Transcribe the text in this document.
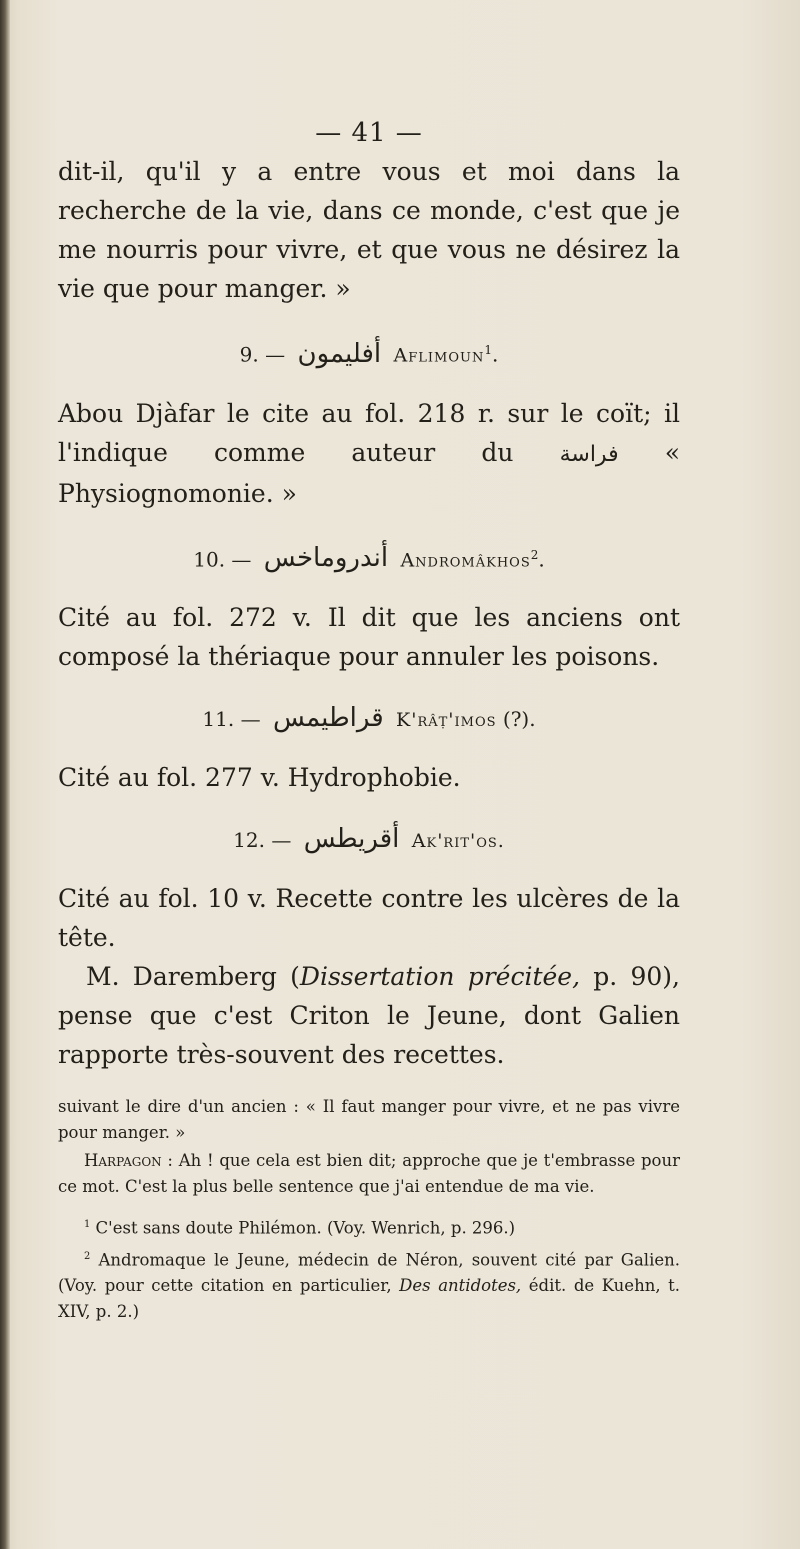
— 41 —

dit-il, qu'il y a entre vous et moi dans la recherche de la vie, dans ce monde, c'est que je me nourris pour vivre, et que vous ne désirez la vie que pour manger. »

9. — أفليمون Aflimoun$^1$.

Abou Djàfar le cite au fol. 218 r. sur le coït; il l'indique comme auteur du فراسة « Physiognomonie. »

10. — أندروماخس Andromâkhos$^2$.

Cité au fol. 272 v. Il dit que les anciens ont composé la thériaque pour annuler les poisons.

11. — قراطيمس K'râṭ'imos (?).

Cité au fol. 277 v. Hydrophobie.

12. — أقريطس Ak'rit'os.

Cité au fol. 10 v. Recette contre les ulcères de la tête.

M. Daremberg (Dissertation précitée, p. 90), pense que c'est Criton le Jeune, dont Galien rapporte très-souvent des recettes.

suivant le dire d'un ancien : « Il faut manger pour vivre, et ne pas vivre pour manger. »

Harpagon : Ah ! que cela est bien dit; approche que je t'embrasse pour ce mot. C'est la plus belle sentence que j'ai entendue de ma vie.

$^1$ C'est sans doute Philémon. (Voy. Wenrich, p. 296.)

$^2$ Andromaque le Jeune, médecin de Néron, souvent cité par Galien. (Voy. pour cette citation en particulier, Des antidotes, édit. de Kuehn, t. XIV, p. 2.)
